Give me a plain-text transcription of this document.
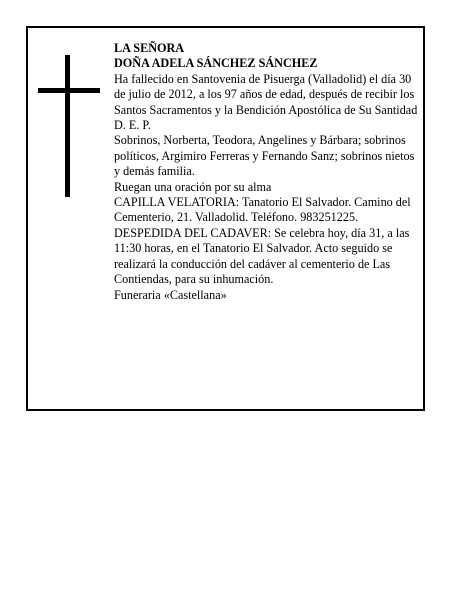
LA SEÑORA

DOÑA ADELA SÁNCHEZ SÁNCHEZ

Ha fallecido en Santovenia de Pisuerga (Valladolid) el día 30 de julio de 2012, a los 97 años de edad, después de recibir los Santos Sacramentos y la Bendición Apostólica de Su Santidad

D. E. P.

Sobrinos, Norberta, Teodora, Angelines y Bárbara; sobrinos políticos, Argimiro Ferreras y Fernando Sanz; sobrinos nietos y demás familia.

Ruegan una oración por su alma

CAPILLA VELATORIA: Tanatorio El Salvador. Camino del Cementerio, 21. Valladolid. Teléfono. 983251225.

DESPEDIDA DEL CADAVER: Se celebra hoy, día 31, a las 11:30 horas, en el Tanatorio El Salvador. Acto seguido se realizará la conducción del cadáver al cementerio de Las Contiendas, para su inhumación.

Funeraria «Castellana»
